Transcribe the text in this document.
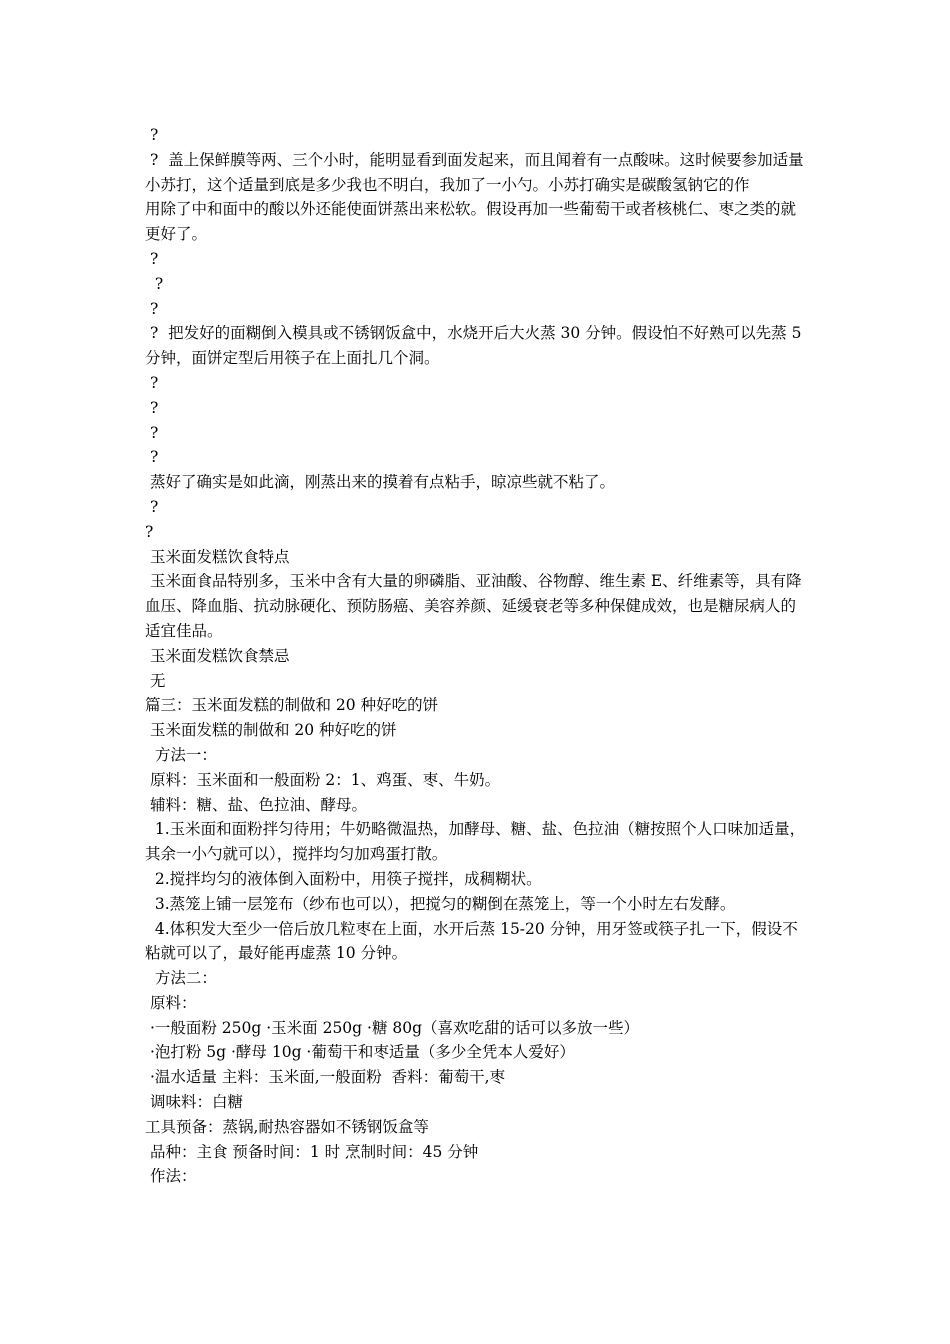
?

?  盖上保鲜膜等两、三个小时，能明显看到面发起来，而且闻着有一点酸味。这时候要参加适量小苏打，这个适量到底是多少我也不明白，我加了一小勺。小苏打确实是碳酸氢钠它的作

用除了中和面中的酸以外还能使面饼蒸出来松软。假设再加一些葡萄干或者核桃仁、枣之类的就更好了。

?

?

?

?  把发好的面糊倒入模具或不锈钢饭盒中，水烧开后大火蒸 30 分钟。假设怕不好熟可以先蒸 5 分钟，面饼定型后用筷子在上面扎几个洞。

?

?

?

?

蒸好了确实是如此滴，刚蒸出来的摸着有点粘手，晾凉些就不粘了。

?

?

玉米面发糕饮食特点

玉米面食品特别多，玉米中含有大量的卵磷脂、亚油酸、谷物醇、维生素 E、纤维素等，具有降血压、降血脂、抗动脉硬化、预防肠癌、美容养颜、延缓衰老等多种保健成效，也是糖尿病人的适宜佳品。

玉米面发糕饮食禁忌

无

篇三：玉米面发糕的制做和 20 种好吃的饼

玉米面发糕的制做和 20 种好吃的饼

方法一：

原料：玉米面和一般面粉 2：1、鸡蛋、枣、牛奶。

辅料：糖、盐、色拉油、酵母。

1.玉米面和面粉拌匀待用；牛奶略微温热，加酵母、糖、盐、色拉油（糖按照个人口味加适量，其余一小勺就可以），搅拌均匀加鸡蛋打散。

2.搅拌均匀的液体倒入面粉中，用筷子搅拌，成稠糊状。

3.蒸笼上铺一层笼布（纱布也可以），把搅匀的糊倒在蒸笼上，等一个小时左右发酵。

4.体积发大至少一倍后放几粒枣在上面，水开后蒸 15-20 分钟，用牙签或筷子扎一下，假设不粘就可以了，最好能再虚蒸 10 分钟。

方法二：

原料：

·一般面粉 250g ·玉米面 250g ·糖 80g（喜欢吃甜的话可以多放一些）

·泡打粉 5g ·酵母 10g ·葡萄干和枣适量（多少全凭本人爱好）

·温水适量 主料：玉米面,一般面粉  香料：葡萄干,枣

调味料：白糖

工具预备：蒸锅,耐热容器如不锈钢饭盒等

品种：主食 预备时间：1 时 烹制时间：45 分钟

作法：
